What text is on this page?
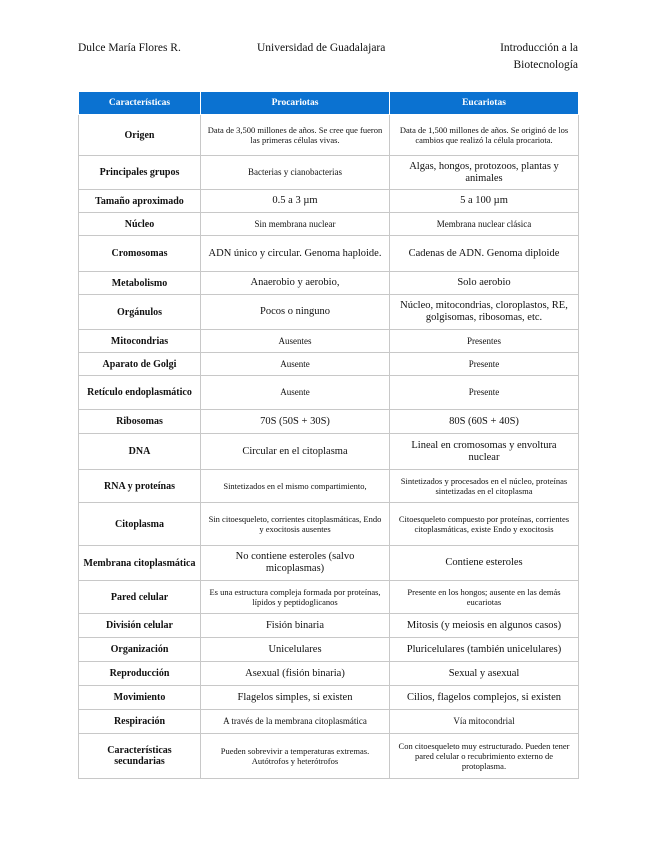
Dulce María Flores R.	Universidad de Guadalajara	Introducción a la
Biotecnología
Características	Procariotas	Eucariotas
Origen	Data de 3,500 millones de años. Se cree que fueron las primeras células vivas.	Data de 1,500 millones de años. Se originó de los cambios que realizó la célula procariota.
Principales grupos	Bacterias y cianobacterias	Algas, hongos, protozoos, plantas y animales
Tamaño aproximado	0.5 a 3 µm	5 a 100 µm
Núcleo	Sin membrana nuclear	Membrana nuclear clásica
Cromosomas	ADN único y circular. Genoma haploide.	Cadenas de ADN. Genoma diploide
Metabolismo	Anaerobio y aerobio,	Solo aerobio
Orgánulos	Pocos o ninguno	Núcleo, mitocondrias, cloroplastos, RE, golgisomas, ribosomas, etc.
Mitocondrias	Ausentes	Presentes
Aparato de Golgi	Ausente	Presente
Retículo endoplasmático	Ausente	Presente
Ribosomas	70S (50S + 30S)	80S (60S + 40S)
DNA	Circular en el citoplasma	Lineal en cromosomas y envoltura nuclear
RNA y proteínas	Sintetizados en el mismo compartimiento,	Sintetizados y procesados en el núcleo, proteínas sintetizadas en el citoplasma
Citoplasma	Sin citoesqueleto, corrientes citoplasmáticas, Endo y exocitosis ausentes	Citoesqueleto compuesto por proteínas, corrientes citoplasmáticas, existe Endo y exocitosis
Membrana citoplasmática	No contiene esteroles (salvo micoplasmas)	Contiene esteroles
Pared celular	Es una estructura compleja formada por proteínas, lípidos y peptidoglicanos	Presente en los hongos; ausente en las demás eucariotas
División celular	Fisión binaria	Mitosis (y meiosis en algunos casos)
Organización	Unicelulares	Pluricelulares (también unicelulares)
Reproducción	Asexual (fisión binaria)	Sexual y asexual
Movimiento	Flagelos simples, si existen	Cilios, flagelos complejos, si existen
Respiración	A través de la membrana citoplasmática	Vía mitocondrial
Características secundarias	Pueden sobrevivir a temperaturas extremas. Autótrofos y heterótrofos	Con citoesqueleto muy estructurado. Pueden tener pared celular o recubrimiento externo de protoplasma.
